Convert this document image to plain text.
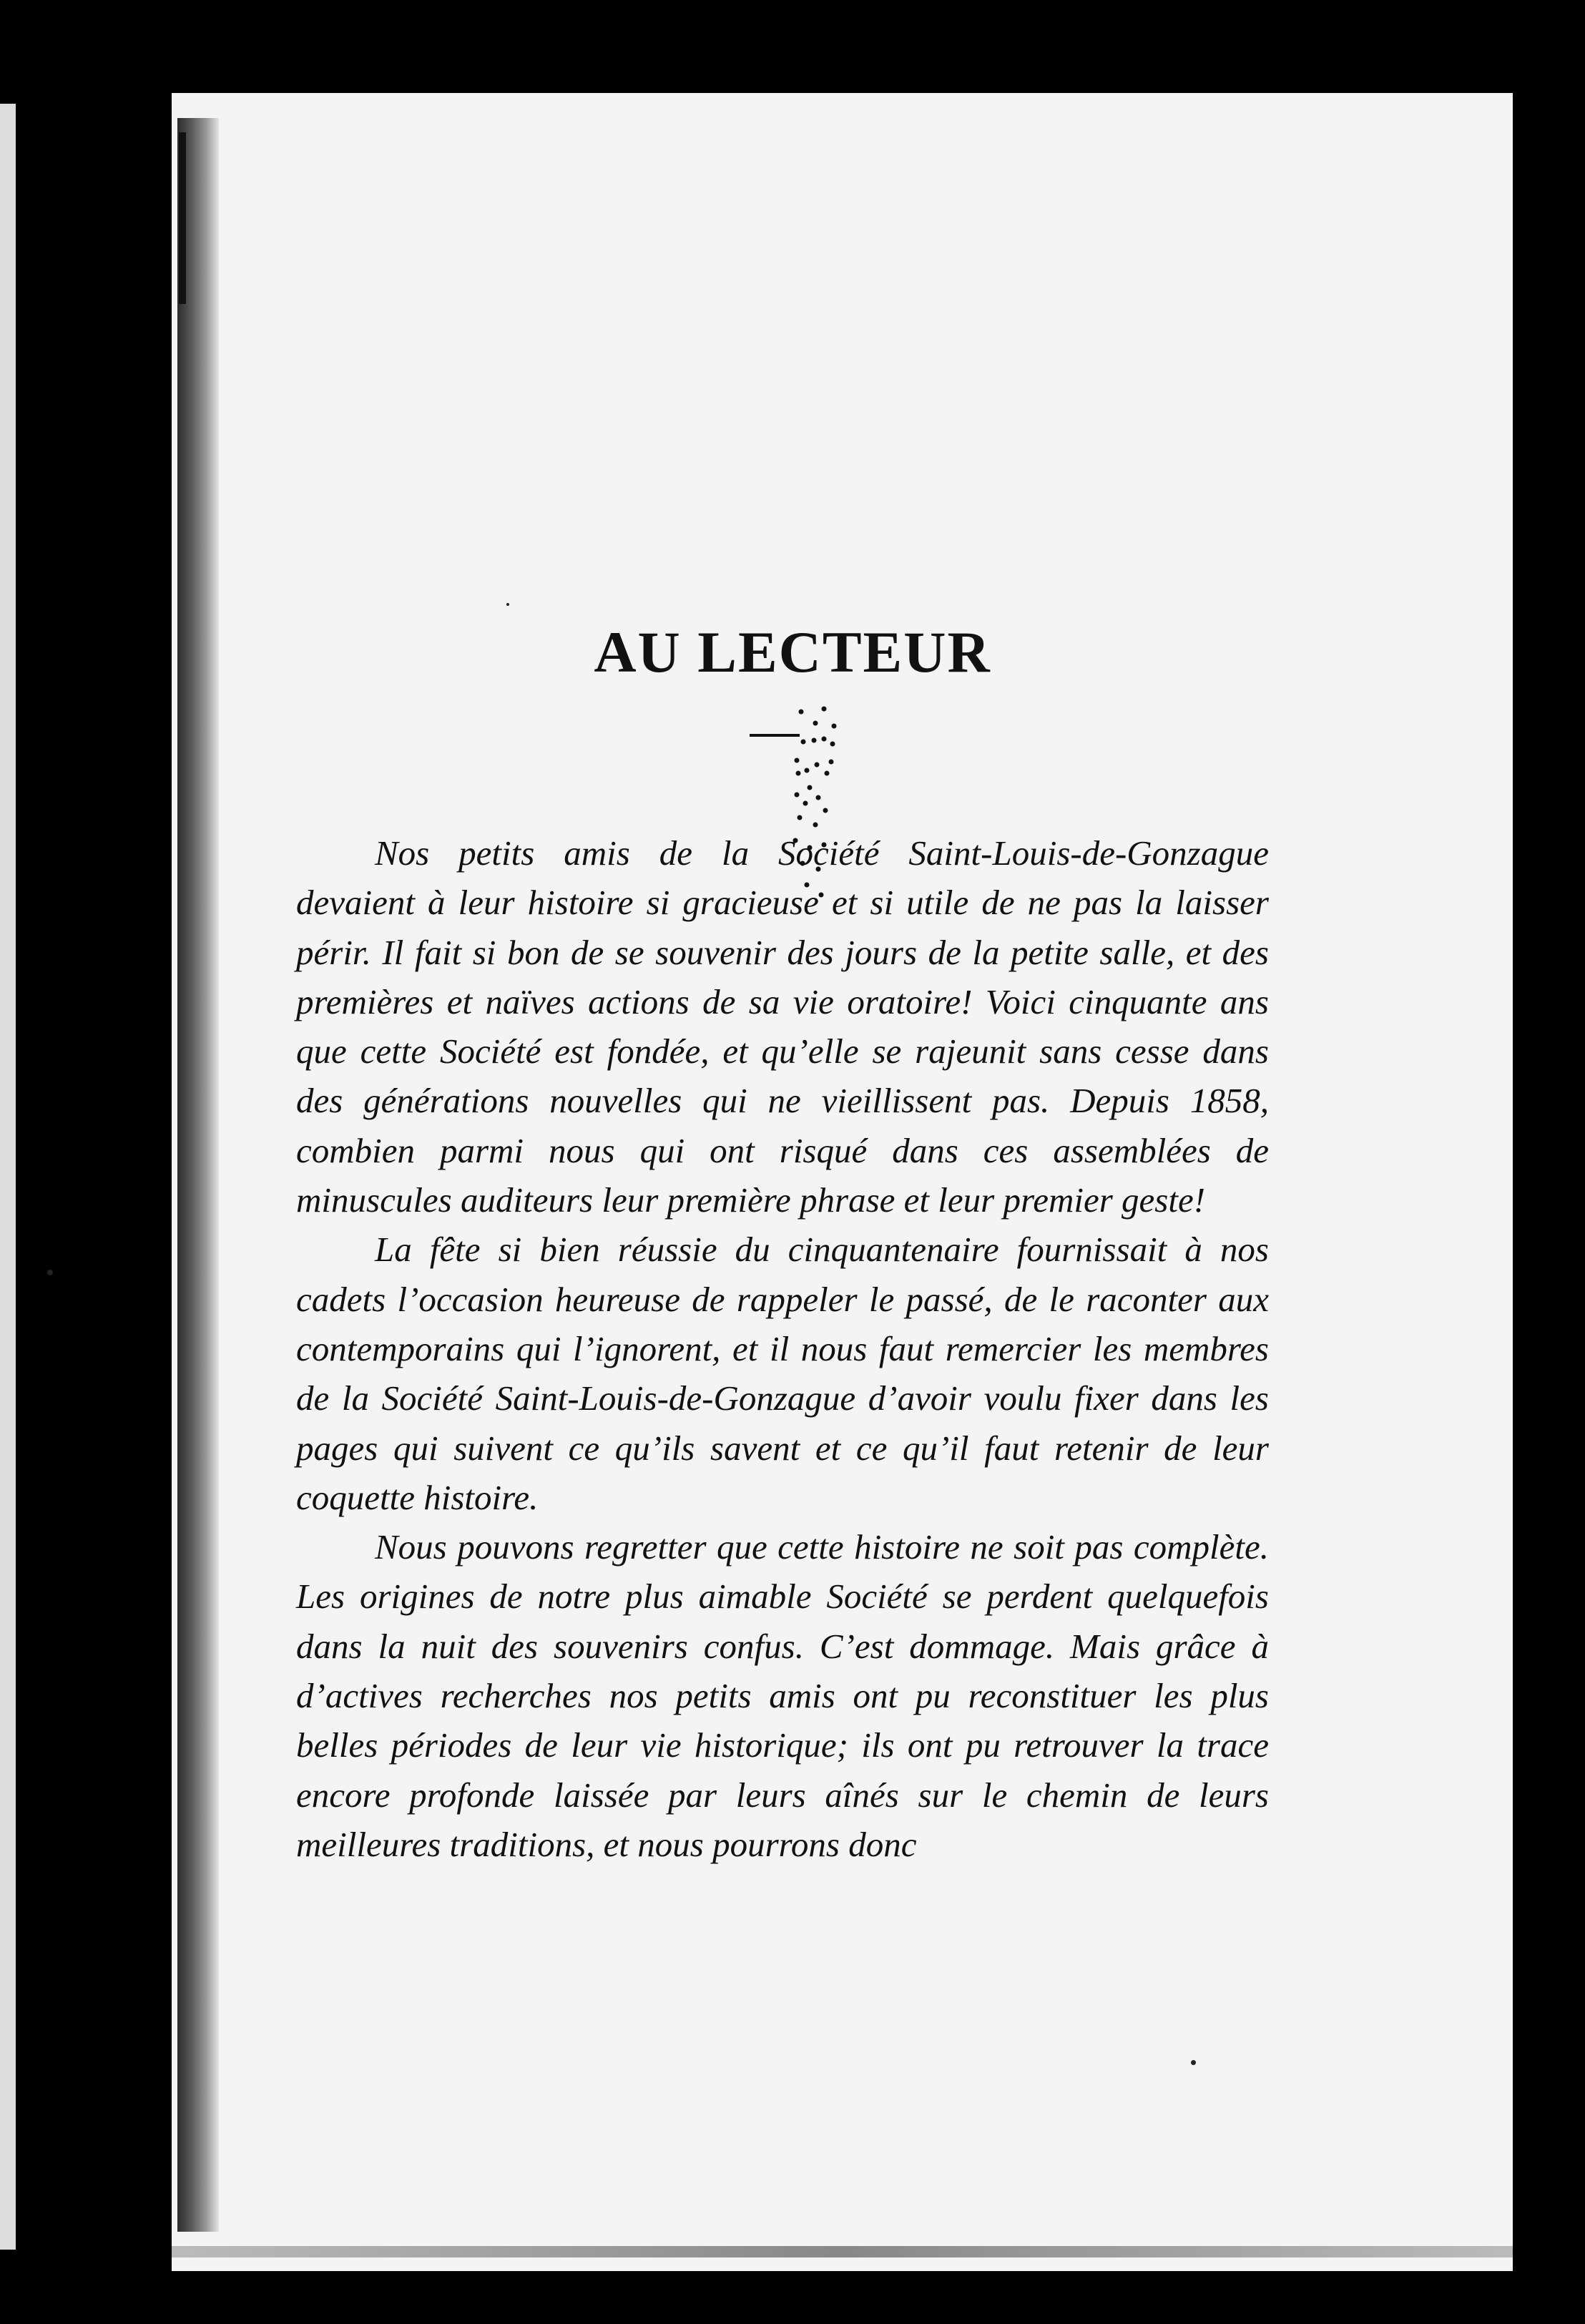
AU LECTEUR

Nos petits amis de la Société Saint-Louis-de-Gonzague devaient à leur histoire si gracieuse et si utile de ne pas la laisser périr. Il fait si bon de se souvenir des jours de la petite salle, et des premières et naïves actions de sa vie oratoire! Voici cinquante ans que cette Société est fondée, et qu’elle se rajeunit sans cesse dans des générations nouvelles qui ne vieillissent pas. Depuis 1858, combien parmi nous qui ont risqué dans ces assemblées de minuscules auditeurs leur première phrase et leur premier geste!

La fête si bien réussie du cinquantenaire fournissait à nos cadets l’occasion heureuse de rappeler le passé, de le raconter aux contemporains qui l’ignorent, et il nous faut remercier les membres de la Société Saint-Louis-de-Gonzague d’avoir voulu fixer dans les pages qui suivent ce qu’ils savent et ce qu’il faut retenir de leur coquette histoire.

Nous pouvons regretter que cette histoire ne soit pas complète. Les origines de notre plus aimable Société se perdent quelquefois dans la nuit des souvenirs confus. C’est dommage. Mais grâce à d’actives recherches nos petits amis ont pu reconstituer les plus belles périodes de leur vie historique; ils ont pu retrouver la trace encore profonde laissée par leurs aînés sur le chemin de leurs meilleures traditions, et nous pourrons donc
